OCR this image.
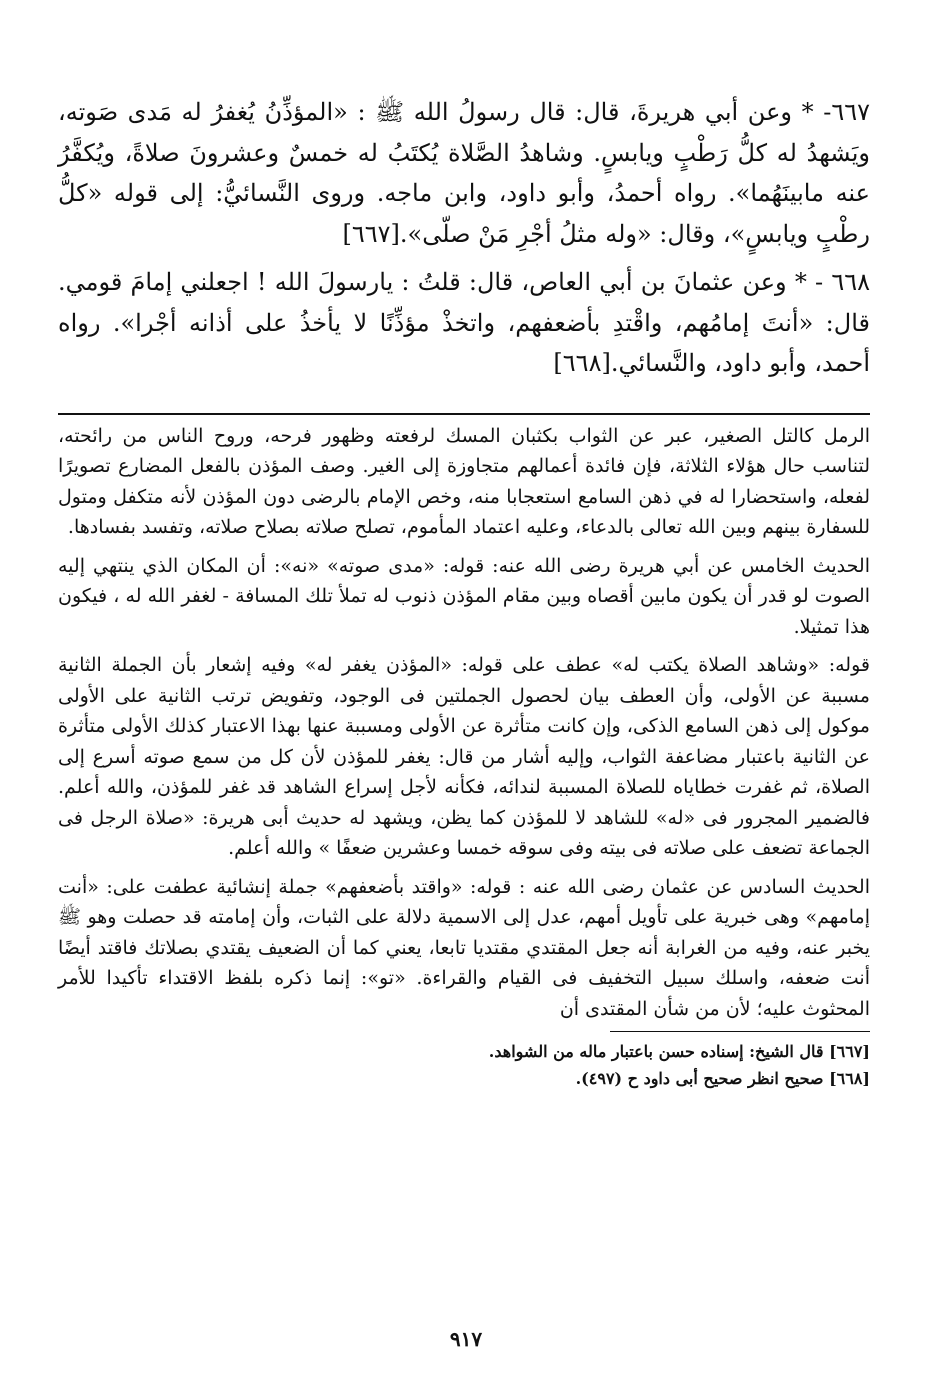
٦٦٧- * وعن أبي هريرةَ، قال: قال رسولُ الله ﷺ : «المؤذِّنُ يُغفرُ له مَدى صَوته، ويَشهدُ له كلُّ رَطْبٍ ويابسٍ. وشاهدُ الصَّلاة يُكتَبُ له خمسٌ وعشرونَ صلاةً، ويُكفَّرُ عنه مابينَهُما». رواه أحمدُ، وأبو داود، وابن ماجه. وروى النَّسائيُّ: إلى قوله «كلُّ رطْبٍ ويابسٍ»، وقال: «وله مثلُ أجْرِ مَنْ صلّى».[٦٦٧]

٦٦٨ - * وعن عثمانَ بن أبي العاص، قال: قلتُ : يارسولَ الله ! اجعلني إمامَ قومي. قال: «أنتَ إمامُهم، واقْتدِ بأضعفهم، واتخذْ مؤذِّنًا لا يأخذُ على أذانه أجْرا». رواه أحمد، وأبو داود، والنَّسائي.[٦٦٨]

الرمل كالتل الصغير، عبر عن الثواب بكثبان المسك لرفعته وظهور فرحه، وروح الناس من رائحته، لتناسب حال هؤلاء الثلاثة، فإن فائدة أعمالهم متجاوزة إلى الغير. وصف المؤذن بالفعل المضارع تصويرًا لفعله، واستحضارا له في ذهن السامع استعجابا منه، وخص الإمام بالرضى دون المؤذن لأنه متكفل ومتول للسفارة بينهم وبين الله تعالى بالدعاء، وعليه اعتماد المأموم، تصلح صلاته بصلاح صلاته، وتفسد بفسادها.

الحديث الخامس عن أبي هريرة رضى الله عنه: قوله: «مدى صوته» «نه»: أن المكان الذي ينتهي إليه الصوت لو قدر أن يكون مابين أقصاه وبين مقام المؤذن ذنوب له تملأ تلك المسافة - لغفر الله له ، فيكون هذا تمثيلا.

قوله: «وشاهد الصلاة يكتب له» عطف على قوله: «المؤذن يغفر له» وفيه إشعار بأن الجملة الثانية مسببة عن الأولى، وأن العطف بيان لحصول الجملتين فى الوجود، وتفويض ترتب الثانية على الأولى موكول إلى ذهن السامع الذكى، وإن كانت متأثرة عن الأولى ومسببة عنها بهذا الاعتبار كذلك الأولى متأثرة عن الثانية باعتبار مضاعفة الثواب، وإليه أشار من قال: يغفر للمؤذن لأن كل من سمع صوته أسرع إلى الصلاة، ثم غفرت خطاياه للصلاة المسببة لندائه، فكأنه لأجل إسراع الشاهد قد غفر للمؤذن، والله أعلم. فالضمير المجرور فى «له» للشاهد لا للمؤذن كما يظن، ويشهد له حديث أبى هريرة: «صلاة الرجل فى الجماعة تضعف على صلاته فى بيته وفى سوقه خمسا وعشرين ضعفًا » والله أعلم.

الحديث السادس عن عثمان رضى الله عنه : قوله: «واقتد بأضعفهم» جملة إنشائية عطفت على: «أنت إمامهم» وهى خبرية على تأويل أمهم، عدل إلى الاسمية دلالة على الثبات، وأن إمامته قد حصلت وهو ﷺ يخبر عنه، وفيه من الغرابة أنه جعل المقتدي مقتديا تابعا، يعني كما أن الضعيف يقتدي بصلاتك فاقتد أيضًا أنت ضعفه، واسلك سبيل التخفيف فى القيام والقراءة. «تو»: إنما ذكره بلفظ الاقتداء تأكيدا للأمر المحثوث عليه؛ لأن من شأن المقتدى أن

[٦٦٧] قال الشيخ: إسناده حسن باعتبار ماله من الشواهد.

[٦٦٨] صحيح انظر صحيح أبى داود ح (٤٩٧).

٩١٧
